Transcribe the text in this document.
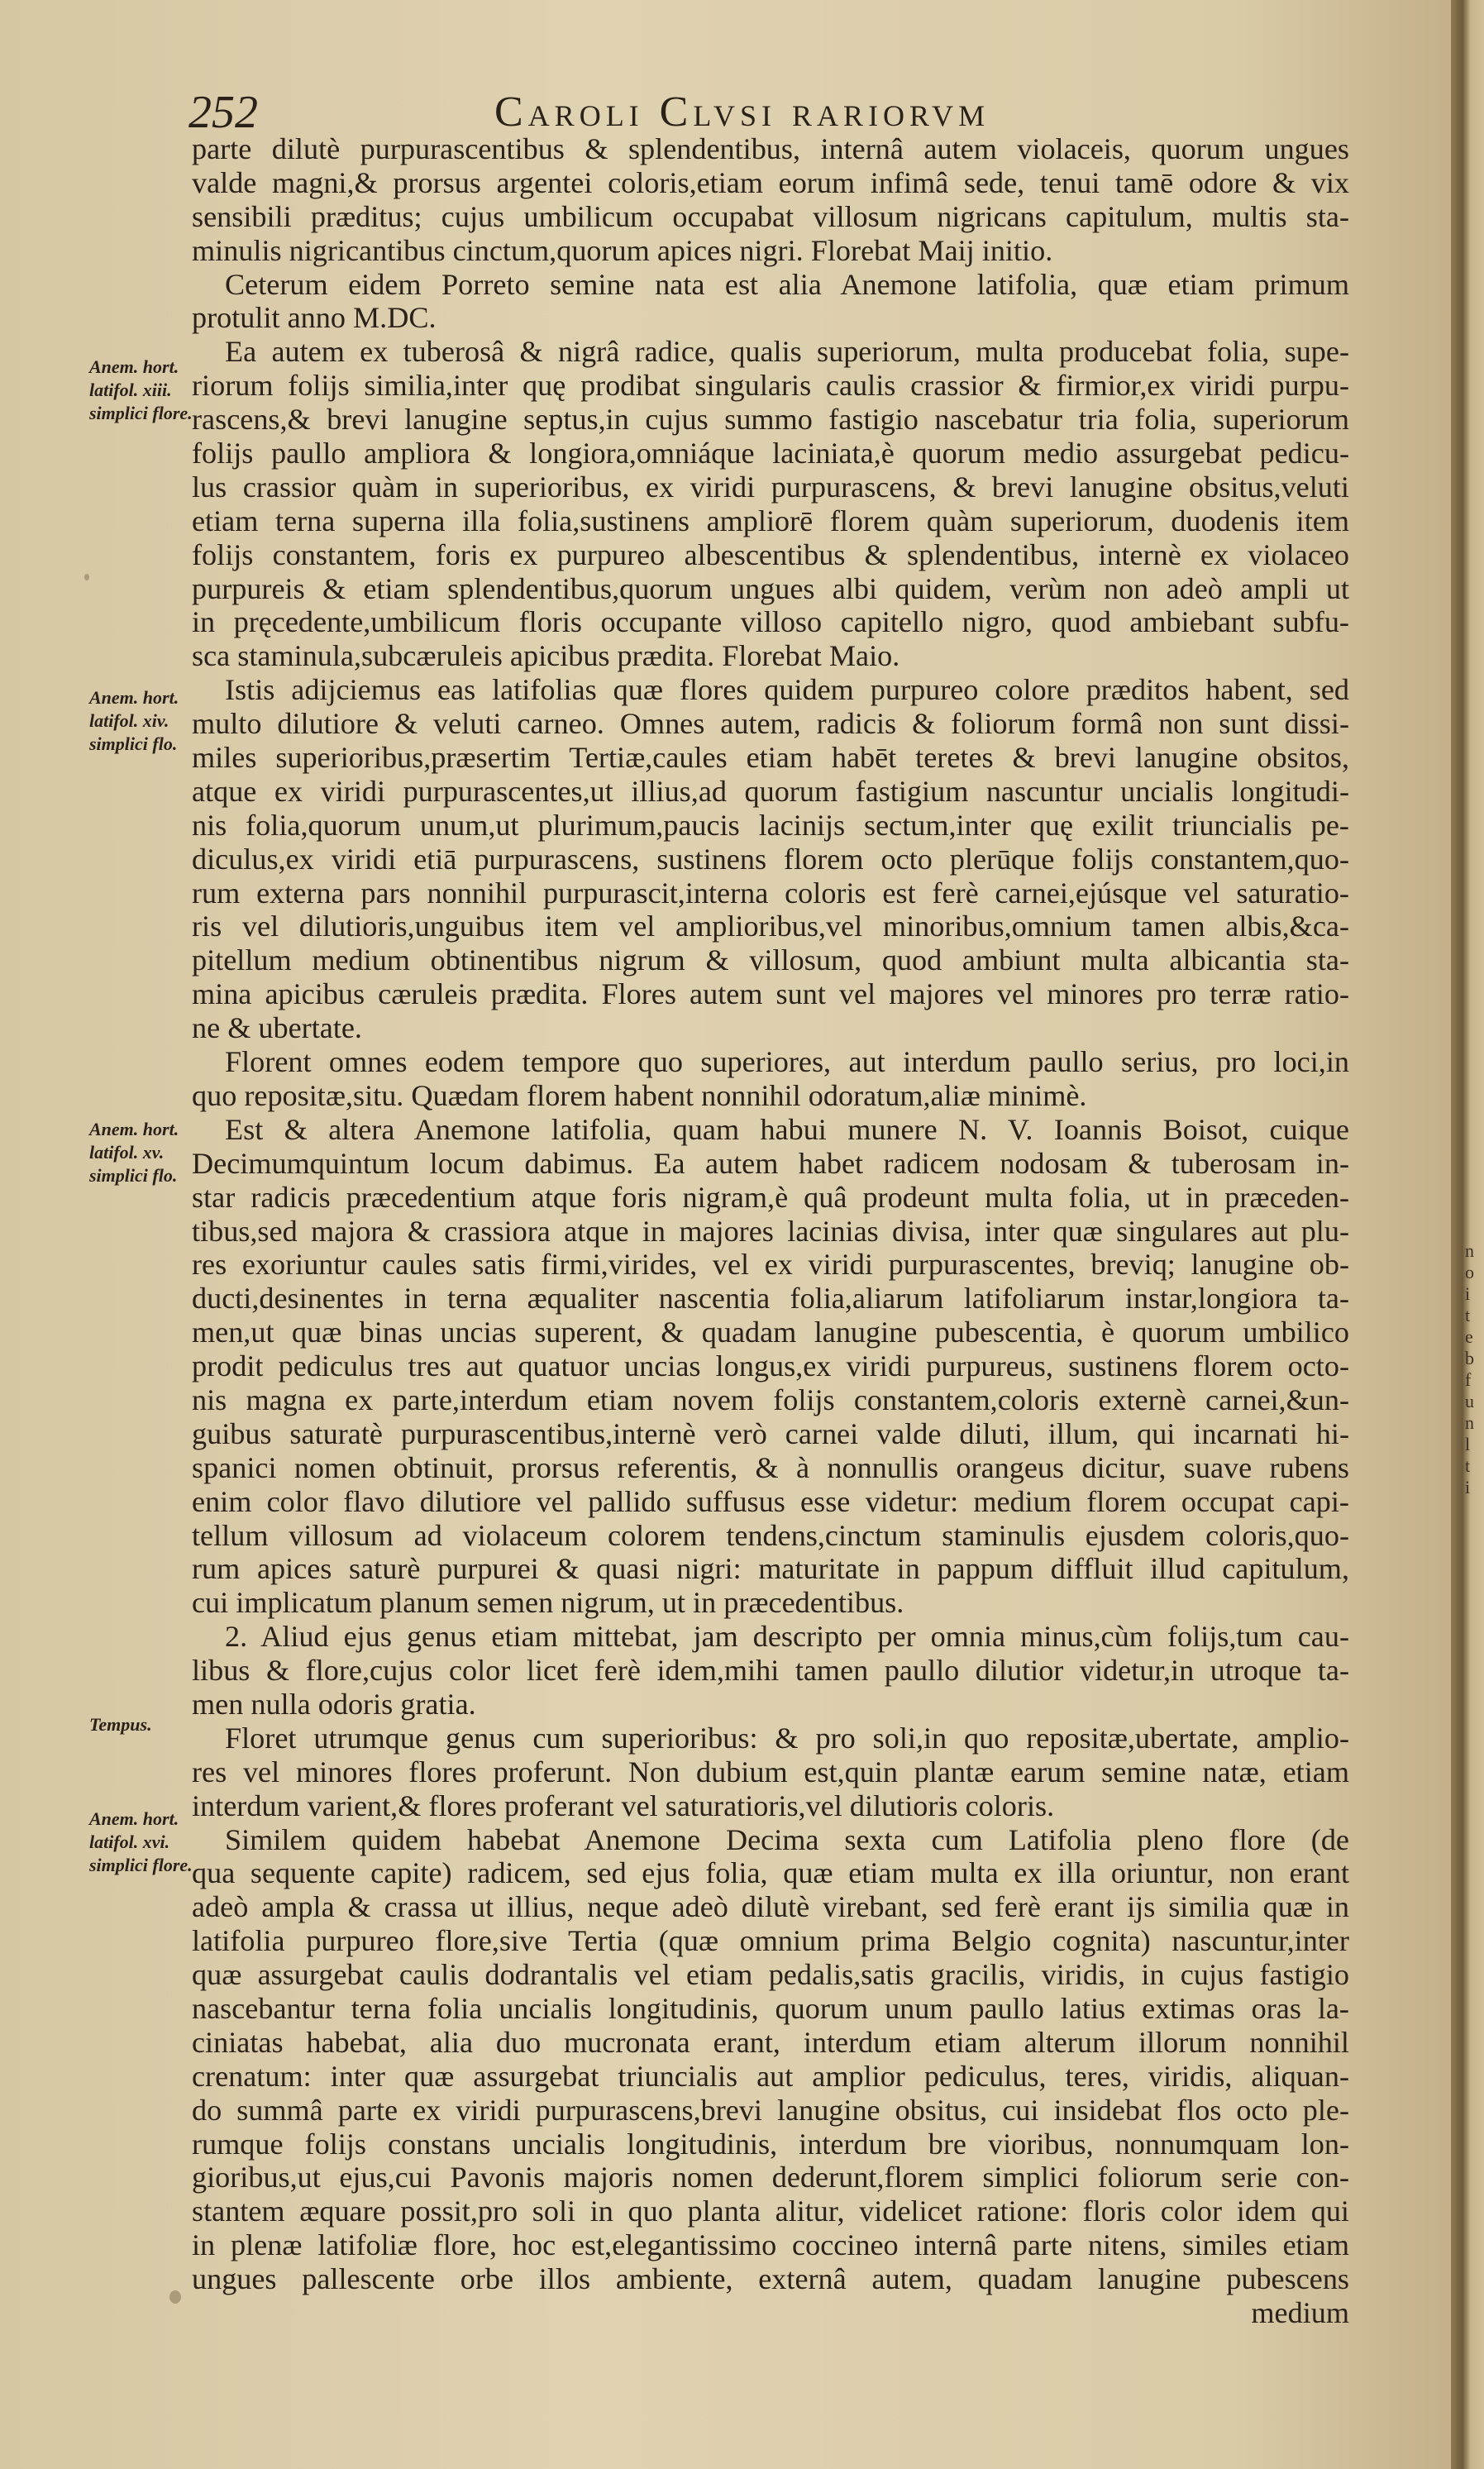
252	Caroli Clvsi rariorvm
Anem. hort.
latifol. xiii.
simplici flore.
Anem. hort.
latifol. xiv.
simplici flo.
Anem. hort.
latifol. xv.
simplici flo.
Tempus.
Anem. hort.
latifol. xvi.
simplici flore.
parte dilutè purpurascentibus & splendentibus, internâ autem violaceis, quorum ungues
valde magni,& prorsus argentei coloris,etiam eorum infimâ sede, tenui tamē odore & vix
sensibili præditus; cujus umbilicum occupabat villosum nigricans capitulum, multis sta-
minulis nigricantibus cinctum,quorum apices nigri. Florebat Maij initio.
Ceterum eidem Porreto semine nata est alia Anemone latifolia, quæ etiam primum
protulit anno M.DC.
Ea autem ex tuberosâ & nigrâ radice, qualis superiorum, multa producebat folia, supe-
riorum folijs similia,inter quę prodibat singularis caulis crassior & firmior,ex viridi purpu-
rascens,& brevi lanugine septus,in cujus summo fastigio nascebatur tria folia, superiorum
folijs paullo ampliora & longiora,omniáque laciniata,è quorum medio assurgebat pedicu-
lus crassior quàm in superioribus, ex viridi purpurascens, & brevi lanugine obsitus,veluti
etiam terna superna illa folia,sustinens ampliorē florem quàm superiorum, duodenis item
folijs constantem, foris ex purpureo albescentibus & splendentibus, internè ex violaceo
purpureis & etiam splendentibus,quorum ungues albi quidem, verùm non adeò ampli ut
in pręcedente,umbilicum floris occupante villoso capitello nigro, quod ambiebant subfu-
sca staminula,subcæruleis apicibus prædita. Florebat Maio.
Istis adijciemus eas latifolias quæ flores quidem purpureo colore præditos habent, sed
multo dilutiore & veluti carneo. Omnes autem, radicis & foliorum formâ non sunt dissi-
miles superioribus,præsertim Tertiæ,caules etiam habēt teretes & brevi lanugine obsitos,
atque ex viridi purpurascentes,ut illius,ad quorum fastigium nascuntur uncialis longitudi-
nis folia,quorum unum,ut plurimum,paucis lacinijs sectum,inter quę exilit triuncialis pe-
diculus,ex viridi etiā purpurascens, sustinens florem octo plerūque folijs constantem,quo-
rum externa pars nonnihil purpurascit,interna coloris est ferè carnei,ejúsque vel saturatio-
ris vel dilutioris,unguibus item vel amplioribus,vel minoribus,omnium tamen albis,&ca-
pitellum medium obtinentibus nigrum & villosum, quod ambiunt multa albicantia sta-
mina apicibus cæruleis prædita. Flores autem sunt vel majores vel minores pro terræ ratio-
ne & ubertate.
Florent omnes eodem tempore quo superiores, aut interdum paullo serius, pro loci,in
quo repositæ,situ. Quædam florem habent nonnihil odoratum,aliæ minimè.
Est & altera Anemone latifolia, quam habui munere N. V. Ioannis Boisot, cuique
Decimumquintum locum dabimus. Ea autem habet radicem nodosam & tuberosam in-
star radicis præcedentium atque foris nigram,è quâ prodeunt multa folia, ut in præceden-
tibus,sed majora & crassiora atque in majores lacinias divisa, inter quæ singulares aut plu-
res exoriuntur caules satis firmi,virides, vel ex viridi purpurascentes, breviq; lanugine ob-
ducti,desinentes in terna æqualiter nascentia folia,aliarum latifoliarum instar,longiora ta-
men,ut quæ binas uncias superent, & quadam lanugine pubescentia, è quorum umbilico
prodit pediculus tres aut quatuor uncias longus,ex viridi purpureus, sustinens florem octo-
nis magna ex parte,interdum etiam novem folijs constantem,coloris externè carnei,&un-
guibus saturatè purpurascentibus,internè verò carnei valde diluti, illum, qui incarnati hi-
spanici nomen obtinuit, prorsus referentis, & à nonnullis orangeus dicitur, suave rubens
enim color flavo dilutiore vel pallido suffusus esse videtur: medium florem occupat capi-
tellum villosum ad violaceum colorem tendens,cinctum staminulis ejusdem coloris,quo-
rum apices saturè purpurei & quasi nigri: maturitate in pappum diffluit illud capitulum,
cui implicatum planum semen nigrum, ut in præcedentibus.
2. Aliud ejus genus etiam mittebat, jam descripto per omnia minus,cùm folijs,tum cau-
libus & flore,cujus color licet ferè idem,mihi tamen paullo dilutior videtur,in utroque ta-
men nulla odoris gratia.
Floret utrumque genus cum superioribus: & pro soli,in quo repositæ,ubertate, amplio-
res vel minores flores proferunt. Non dubium est,quin plantæ earum semine natæ, etiam
interdum varient,& flores proferant vel saturatioris,vel dilutioris coloris.
Similem quidem habebat Anemone Decima sexta cum Latifolia pleno flore (de
qua sequente capite) radicem, sed ejus folia, quæ etiam multa ex illa oriuntur, non erant
adeò ampla & crassa ut illius, neque adeò dilutè virebant, sed ferè erant ijs similia quæ in
latifolia purpureo flore,sive Tertia (quæ omnium prima Belgio cognita) nascuntur,inter
quæ assurgebat caulis dodrantalis vel etiam pedalis,satis gracilis, viridis, in cujus fastigio
nascebantur terna folia uncialis longitudinis, quorum unum paullo latius extimas oras la-
ciniatas habebat, alia duo mucronata erant, interdum etiam alterum illorum nonnihil
crenatum: inter quæ assurgebat triuncialis aut amplior pediculus, teres, viridis, aliquan-
do summâ parte ex viridi purpurascens,brevi lanugine obsitus, cui insidebat flos octo ple-
rumque folijs constans uncialis longitudinis, interdum bre vioribus, nonnumquam lon-
gioribus,ut ejus,cui Pavonis majoris nomen dederunt,florem simplici foliorum serie con-
stantem æquare possit,pro soli in quo planta alitur, videlicet ratione: floris color idem qui
in plenæ latifoliæ flore, hoc est,elegantissimo coccineo internâ parte nitens, similes etiam
ungues pallescente orbe illos ambiente, externâ autem, quadam lanugine pubescens
medium
n
o
i
t
e
b
f
u
n
l
t
i
